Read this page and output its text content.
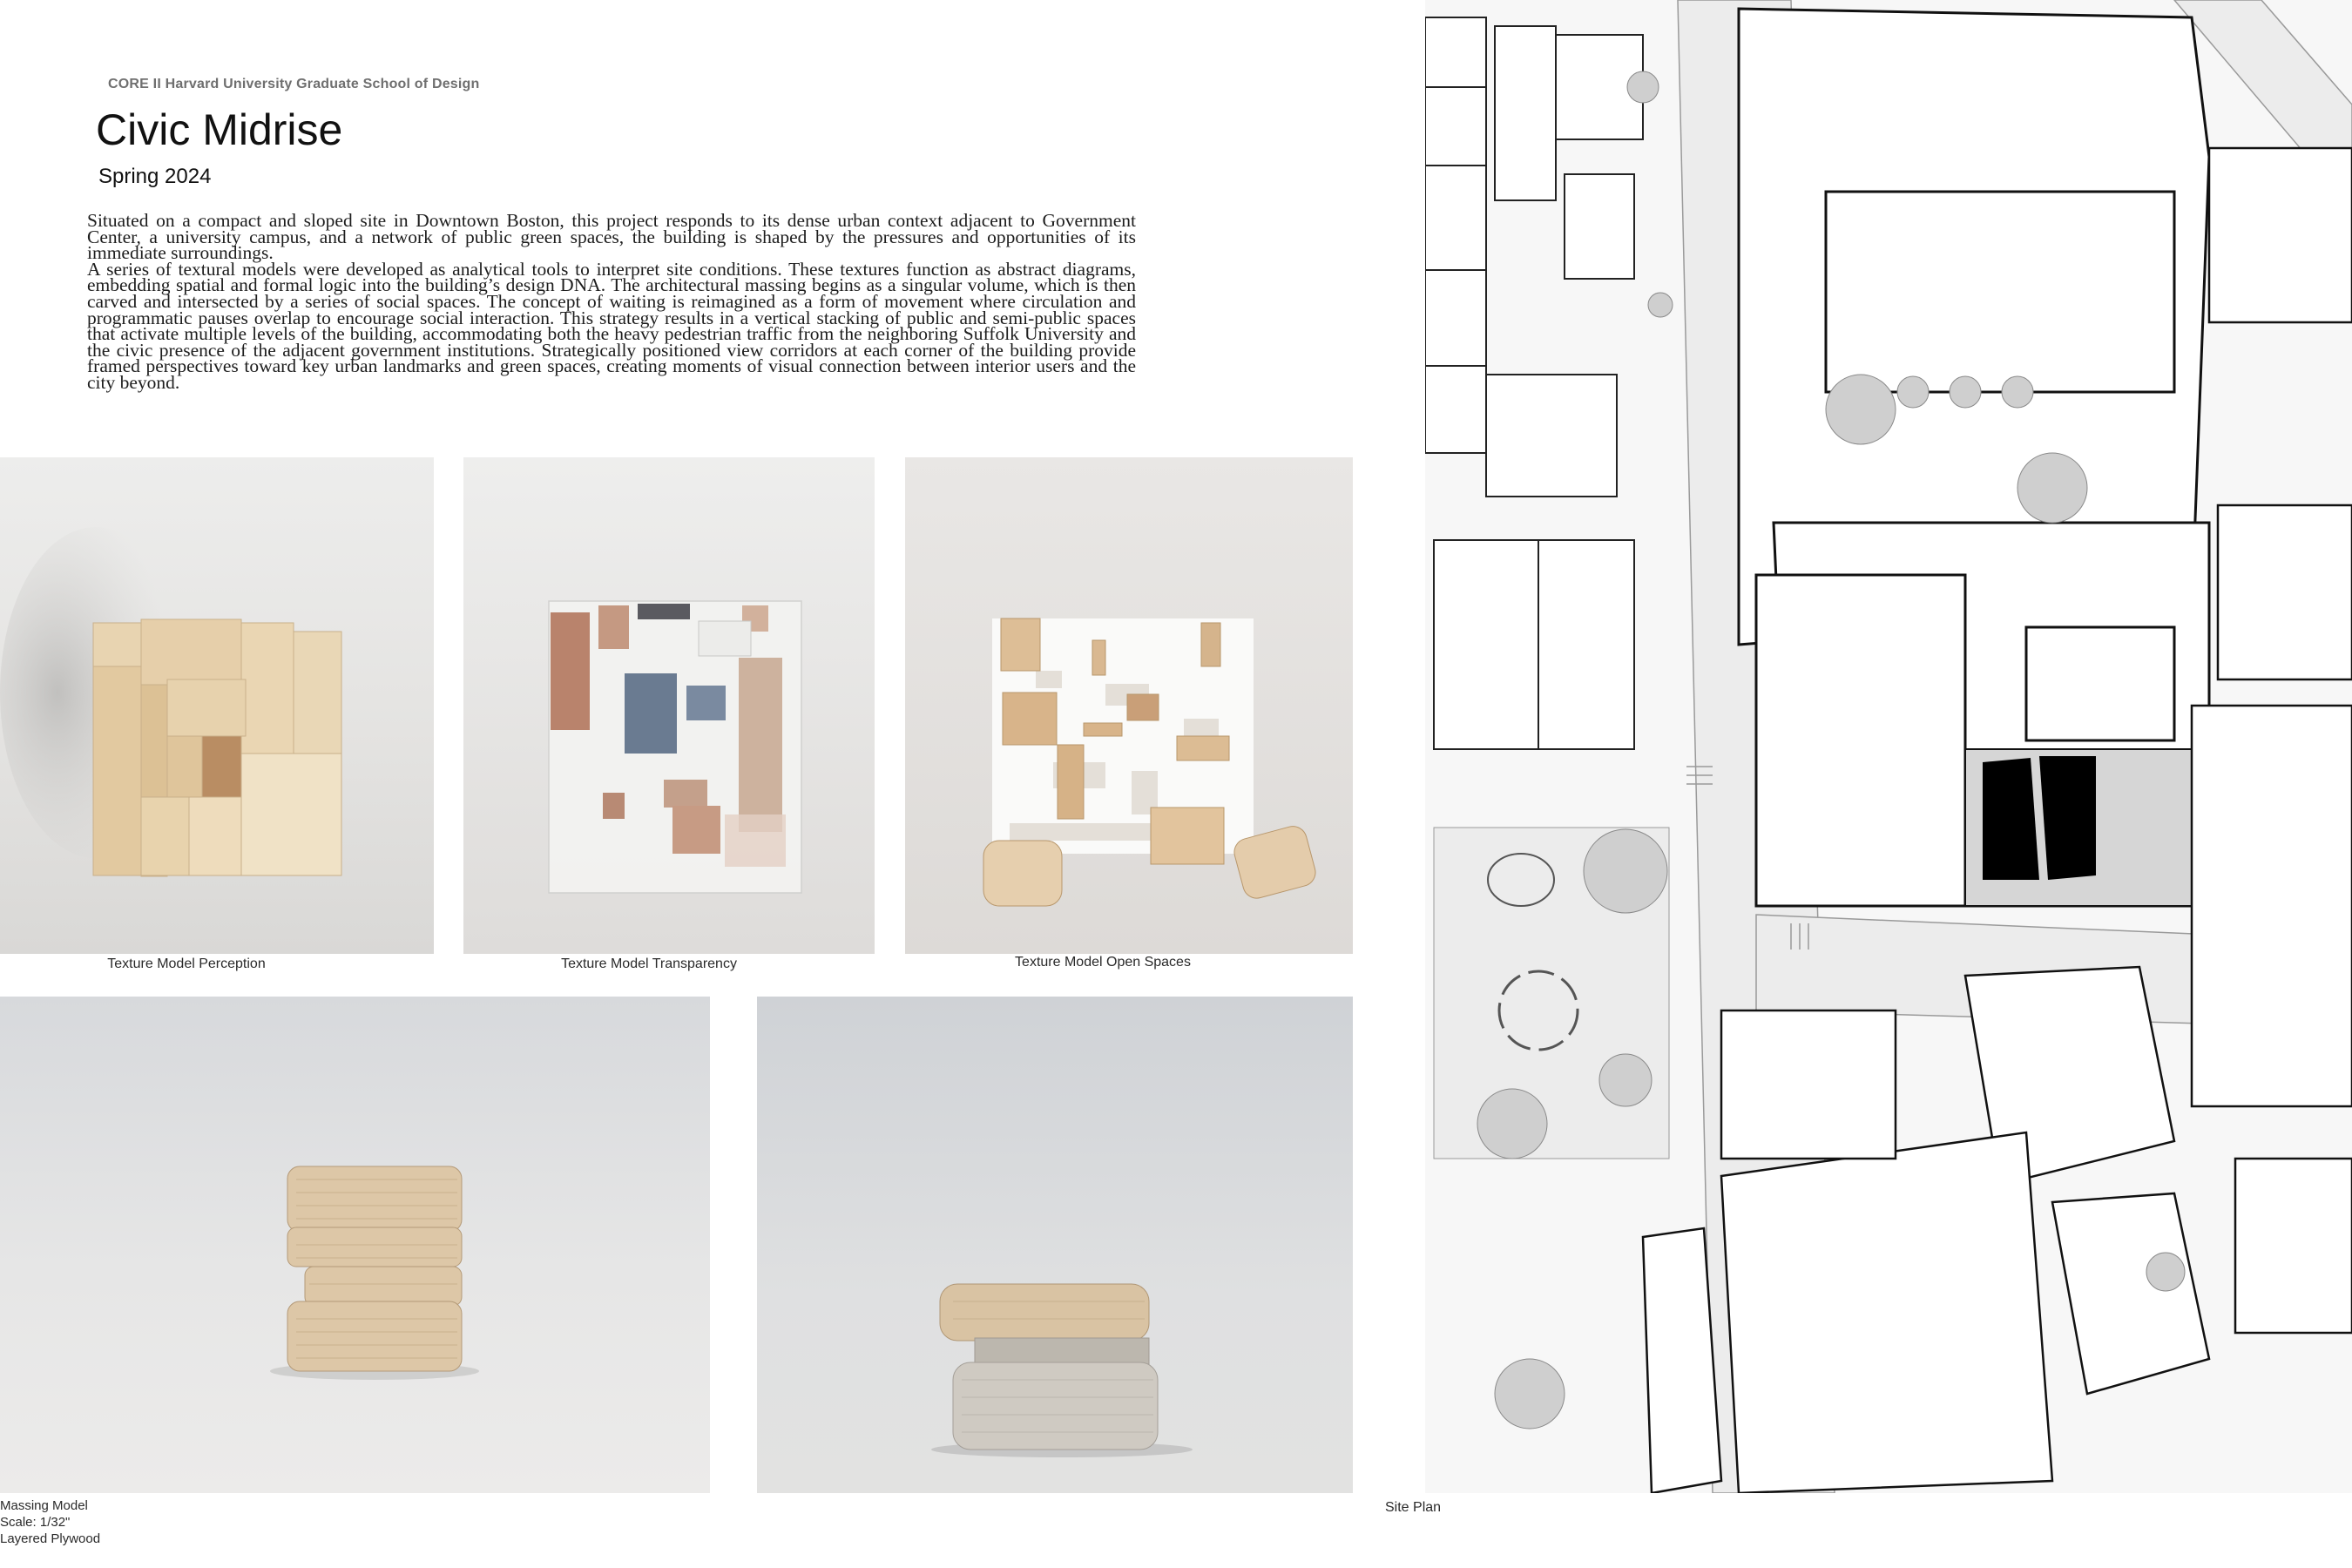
CORE II Harvard University Graduate School of Design
Civic Midrise
Spring 2024

Situated on a compact and sloped site in Downtown Boston, this project responds to its dense urban context adjacent to Government Center, a university campus, and a network of public green spaces, the building is shaped by the pressures and opportunities of its immediate surroundings.

A series of textural models were developed as analytical tools to interpret site conditions. These textures function as abstract diagrams, embedding spatial and formal logic into the building’s design DNA. The architectural massing begins as a singular volume, which is then carved and intersected by a series of social spaces. The concept of waiting is reimagined as a form of movement where circulation and programmatic pauses overlap to encourage social interaction. This strategy results in a vertical stacking of public and semi-public spaces that activate multiple levels of the building, accommodating both the heavy pedestrian traffic from the neighboring Suffolk University and the civic presence of the adjacent government institutions. Strategically positioned view corridors at each corner of the building provide framed perspectives toward key urban landmarks and green spaces, creating moments of visual connection between interior users and the city beyond.

Texture Model Perception	Texture Model Transparency	Texture Model Open Spaces
Massing Model
Scale: 1/32"
Layered Plywood
Site Plan
